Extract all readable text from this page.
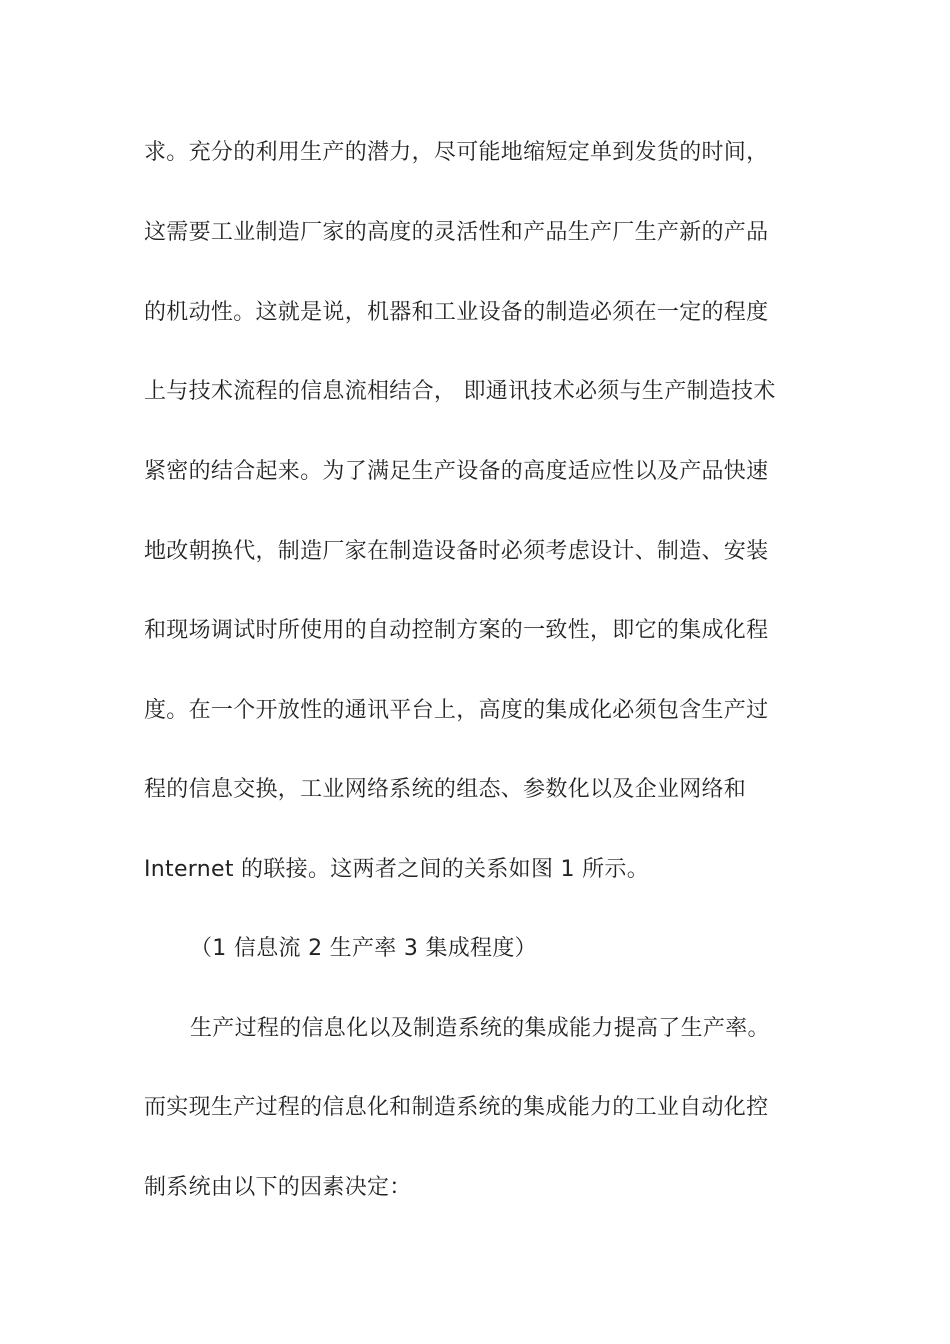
求。充分的利用生产的潜力，尽可能地缩短定单到发货的时间，
这需要工业制造厂家的高度的灵活性和产品生产厂生产新的产品
的机动性。这就是说，机器和工业设备的制造必须在一定的程度
上与技术流程的信息流相结合， 即通讯技术必须与生产制造技术
紧密的结合起来。为了满足生产设备的高度适应性以及产品快速
地改朝换代，制造厂家在制造设备时必须考虑设计、制造、安装
和现场调试时所使用的自动控制方案的一致性，即它的集成化程
度。在一个开放性的通讯平台上，高度的集成化必须包含生产过
程的信息交换，工业网络系统的组态、参数化以及企业网络和
Internet 的联接。这两者之间的关系如图 1 所示。
（1 信息流 2 生产率 3 集成程度）
生产过程的信息化以及制造系统的集成能力提高了生产率。
而实现生产过程的信息化和制造系统的集成能力的工业自动化控
制系统由以下的因素决定：
